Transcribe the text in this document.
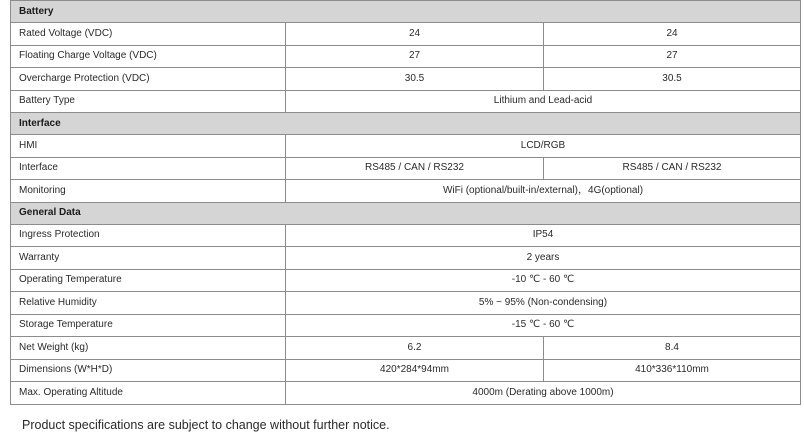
Battery		
Rated Voltage (VDC)	24	24
Floating Charge Voltage (VDC)	27	27
Overcharge Protection (VDC)	30.5	30.5
Battery Type	Lithium and Lead-acid	
Interface		
HMI	LCD/RGB	
Interface	RS485 / CAN / RS232	RS485 / CAN / RS232
Monitoring	WiFi (optional/built-in/external)，4G(optional)	
General Data		
Ingress Protection	IP54	
Warranty	2 years	
Operating Temperature	-10 ℃ - 60 ℃	
Relative Humidity	5% ~ 95% (Non-condensing)	
Storage Temperature	-15 ℃ - 60 ℃	
Net Weight (kg)	6.2	8.4
Dimensions (W*H*D)	420*284*94mm	410*336*110mm
Max. Operating Altitude	4000m (Derating above 1000m)	
Product specifications are subject to change without further notice.
